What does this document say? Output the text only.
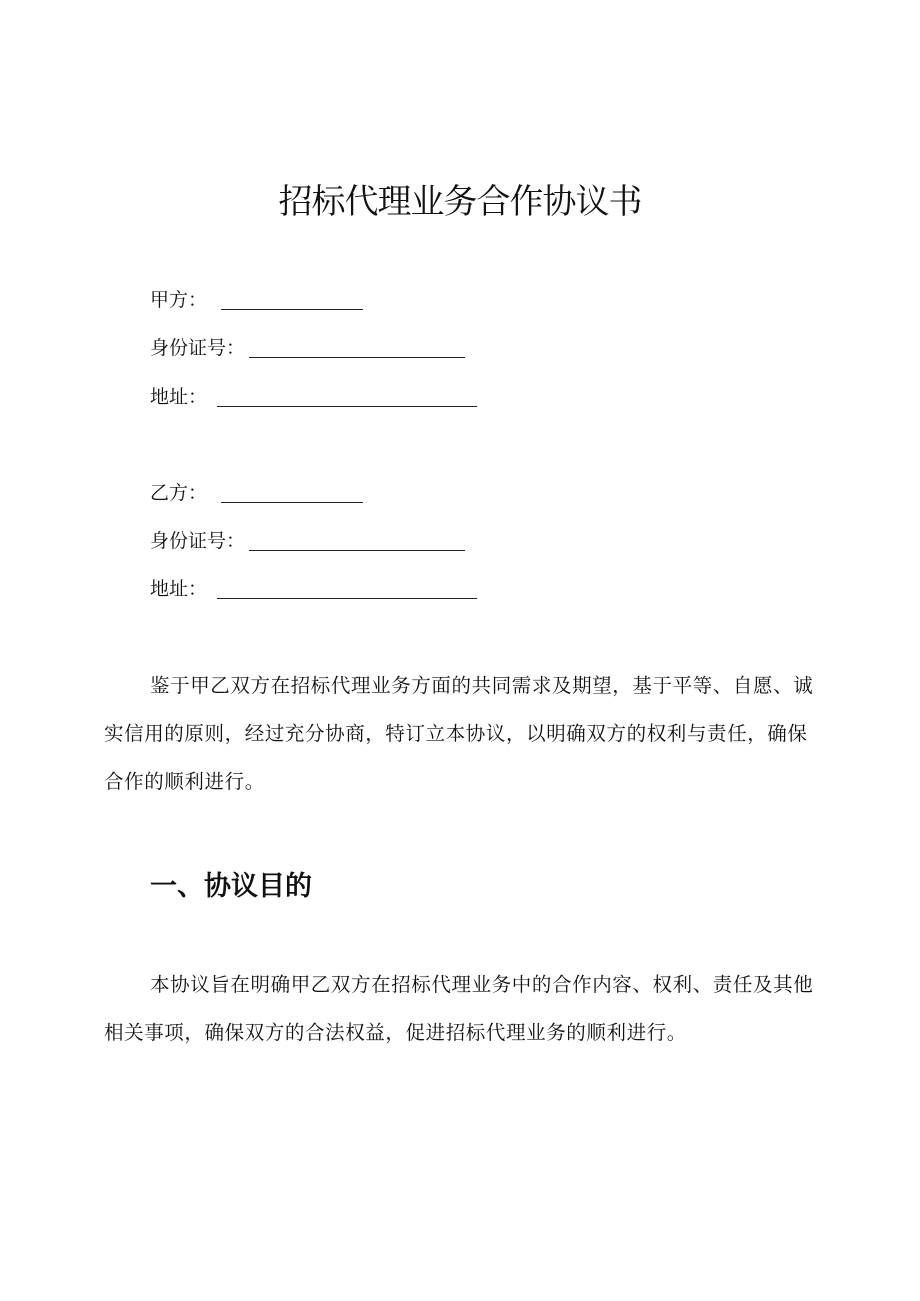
招标代理业务合作协议书
甲方：
身份证号：
地址：
乙方：
身份证号：
地址：

鉴于甲乙双方在招标代理业务方面的共同需求及期望，基于平等、自愿、诚实信用的原则，经过充分协商，特订立本协议，以明确双方的权利与责任，确保合作的顺利进行。

一、协议目的

本协议旨在明确甲乙双方在招标代理业务中的合作内容、权利、责任及其他相关事项，确保双方的合法权益，促进招标代理业务的顺利进行。
